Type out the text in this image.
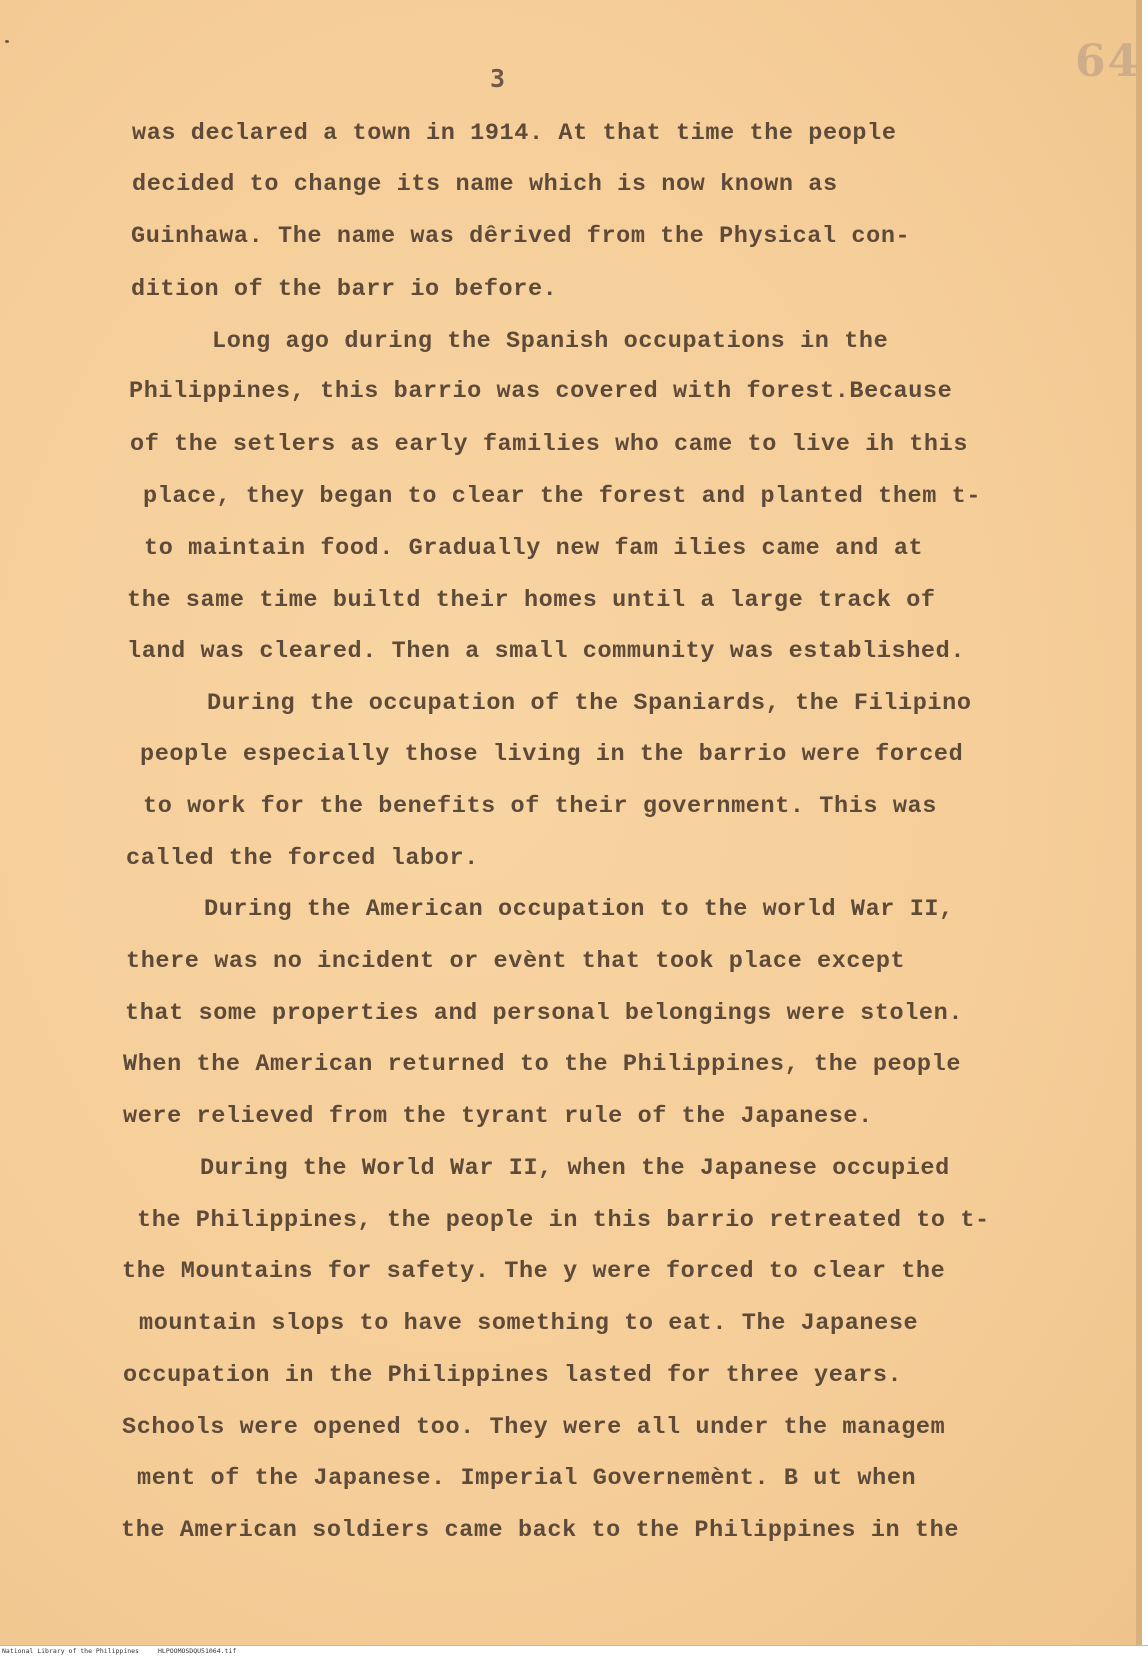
64
3
was declared a town in 1914. At that time the people
decided to change its name which is now known as
Guinhawa. The name was dêrived from the Physical con-
dition of the barr io before.
Long ago during the Spanish occupations in the
Philippines, this barrio was covered with forest.Because
of the setlers as early families who came to live ih this
place, they began to clear the forest and planted them t-
to maintain food. Gradually new fam ilies came and at
the same time builtd their homes until a large track of
land was cleared. Then a small community was established.
During the occupation of the Spaniards, the Filipino
people especially those living in the barrio were forced
to work for the benefits of their government. This was
called the forced labor.
During the American occupation to the world War II,
there was no incident or evènt that took place except
that some properties and personal belongings were stolen.
When the American returned to the Philippines, the people
were relieved from the tyrant rule of the Japanese.
During the World War II, when the Japanese occupied
the Philippines, the people in this barrio retreated to t-
the Mountains for safety. The y were forced to clear the
mountain slops to have something to eat. The Japanese
occupation in the Philippines lasted for three years.
Schools were opened too. They were all under the managem
ment of the Japanese. Imperial Governemènt. B ut when
the American soldiers came back to the Philippines in the
National Library of the Philippines	HLPOOMOSDQU51064.tif
